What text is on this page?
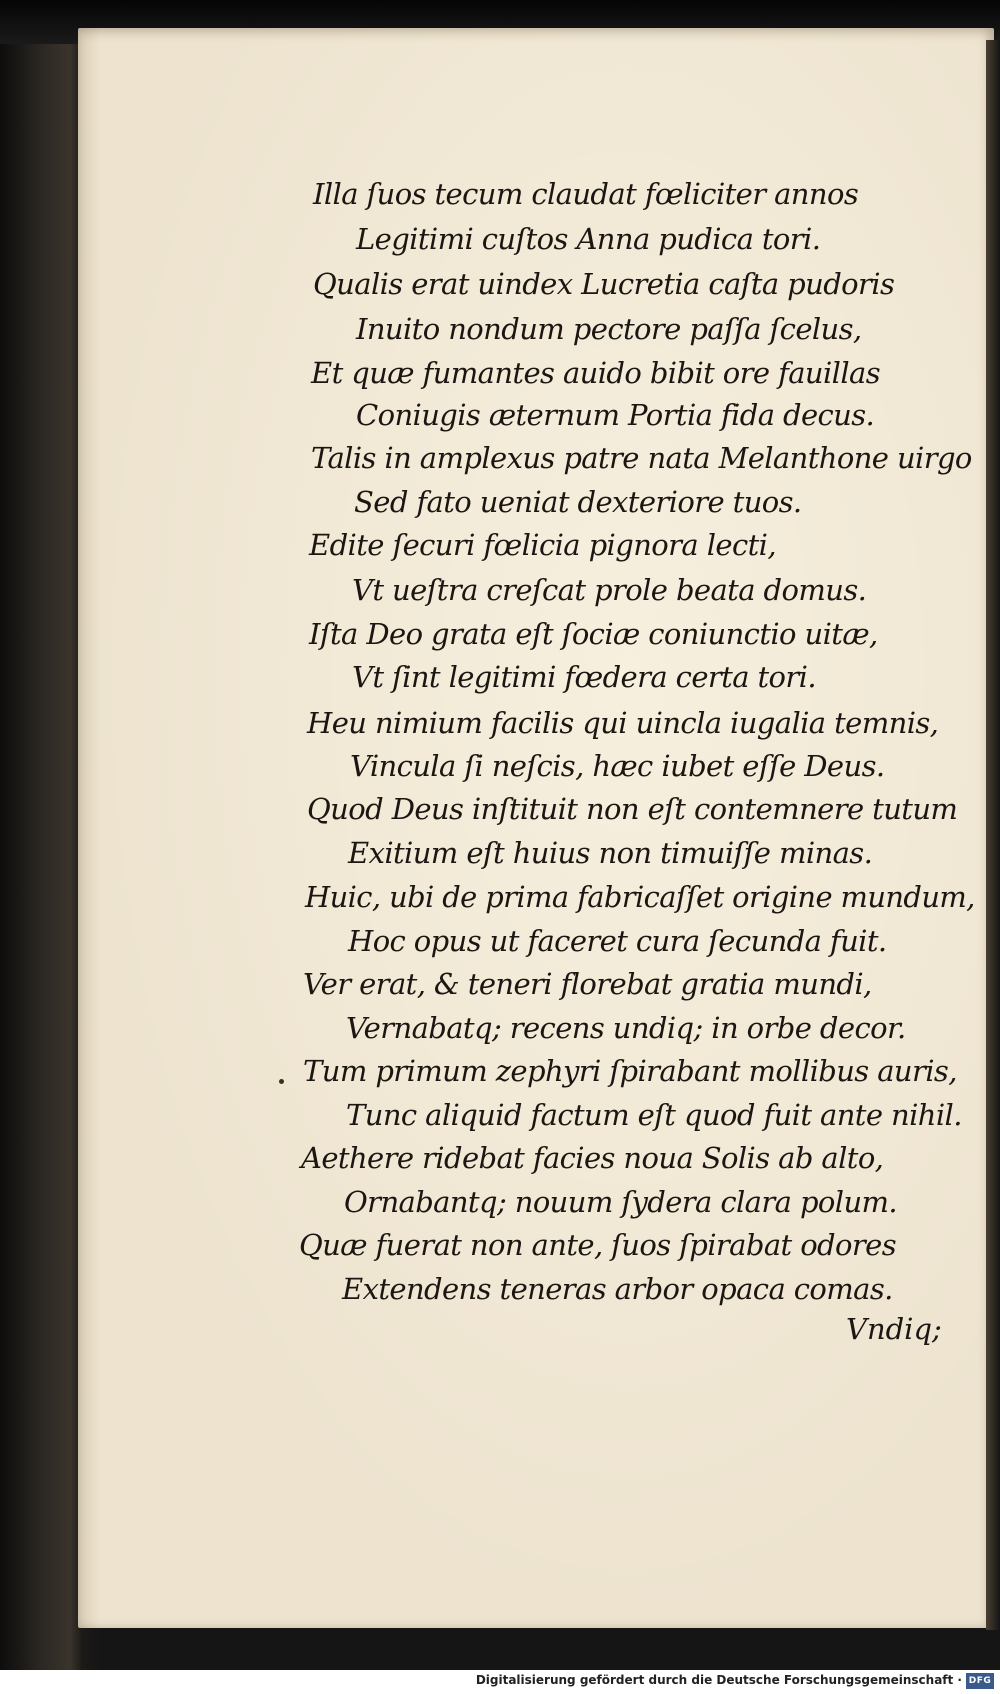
Illa ſuos tecum claudat fœliciter annos
Legitimi cuſtos Anna pudica tori.
Qualis erat uindex Lucretia caſta pudoris
Inuito nondum pectore paſſa ſcelus,
Et quæ fumantes auido bibit ore fauillas
Coniugis æternum Portia fida decus.
Talis in amplexus patre nata Melanthone uirgo
Sed fato ueniat dexteriore tuos.
Edite ſecuri fœlicia pignora lecti,
Vt ueſtra creſcat prole beata domus.
Iſta Deo grata eſt ſociæ coniunctio uitæ,
Vt ſint legitimi fœdera certa tori.
Heu nimium facilis qui uincla iugalia temnis,
Vincula ſi neſcis, hæc iubet eſſe Deus.
Quod Deus inſtituit non eſt contemnere tutum
Exitium eſt huius non timuiſſe minas.
Huic, ubi de prima fabricaſſet origine mundum,
Hoc opus ut faceret cura ſecunda fuit.
Ver erat, & teneri florebat gratia mundi,
Vernabatq; recens undiq; in orbe decor.
Tum primum zephyri ſpirabant mollibus auris,
Tunc aliquid factum eſt quod fuit ante nihil.
Aethere ridebat facies noua Solis ab alto,
Ornabantq; nouum ſydera clara polum.
Quæ fuerat non ante, ſuos ſpirabat odores
Extendens teneras arbor opaca comas.
Vndiq;
Digitalisierung gefördert durch die Deutsche Forschungsgemeinschaft · DFG
